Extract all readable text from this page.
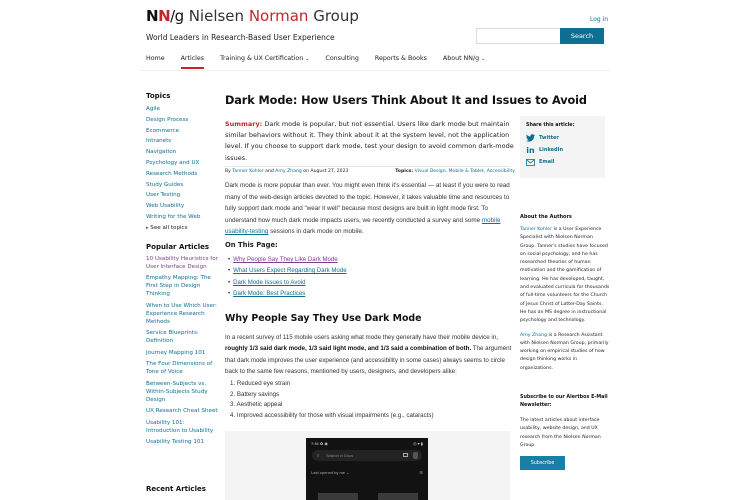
NN/g Nielsen Norman Group
World Leaders in Research-Based User Experience
Log in
Search
Home	Articles	Training & UX Certification ⌄	Consulting	Reports & Books	About NN/g ⌄
Topics
Agile
Design Process
Ecommerce
Intranets
Navigation
Psychology and UX
Research Methods
Study Guides
User Testing
Web Usability
Writing for the Web
▸ See all topics
Popular Articles
10 Usability Heuristics for User Interface Design
Empathy Mapping: The First Step in Design Thinking
When to Use Which User-Experience Research Methods
Service Blueprints: Definition
Journey Mapping 101
The Four Dimensions of Tone of Voice
Between-Subjects vs. Within-Subjects Study Design
UX Research Cheat Sheet
Usability 101: Introduction to Usability
Usability Testing 101
Recent Articles
Dark Mode: How Users Think About It and Issues to Avoid

Summary: Dark mode is popular, but not essential. Users like dark mode but maintain similar behaviors without it. They think about it at the system level, not the application level. If you choose to support dark mode, test your design to avoid common dark-mode issues.

By Tanner Kohler and Amy Zhang on August 27, 2023	Topics: Visual Design, Mobile & Tablet, Accessibility

Dark mode is more popular than ever. You might even think it's essential — at least if you were to read many of the web-design articles devoted to the topic. However, it takes valuable time and resources to fully support dark mode and "wear it well" because most designs are built in light mode first. To understand how much dark mode impacts users, we recently conducted a survey and some mobile usability-testing sessions in dark mode on mobile.

On This Page:
• Why People Say They Like Dark Mode
• What Users Expect Regarding Dark Mode
• Dark Mode Issues to Avoid
• Dark Mode: Best Practices
Why People Say They Use Dark Mode

In a recent survey of 115 mobile users asking what mode they generally have their mobile device in, roughly 1/3 said dark mode, 1/3 said light mode, and 1/3 said a combination of both. The argument that dark mode improves the user experience (and accessibility in some cases) always seems to circle back to the same few reasons, mentioned by users, designers, and developers alike:

1. Reduced eye strain
2. Battery savings
3. Aesthetic appeal
4. Improved accessibility for those with visual impairments (e.g., cataracts)
7:46 ✿ ◉	◎ ▾ ▮
≡ Search in Docs
Last opened by me ⌄	☰
Share this article:
Twitter
in LinkedIn
Email
About the Authors

Tanner Kohler is a User Experience Specialist with Nielsen Norman Group. Tanner's studies have focused on social psychology, and he has researched theories of human motivation and the gamification of learning. He has developed, taught, and evaluated curricula for thousands of full-time volunteers for the Church of Jesus Christ of Latter-Day Saints. He has an MS degree in instructional psychology and technology.

Amy Zhang is a Research Assistant with Nielsen Norman Group, primarily working on empirical studies of how design thinking works in organizations.

Subscribe to our Alertbox E-Mail Newsletter:

The latest articles about interface usability, website design, and UX research from the Nielsen Norman Group.

Subscribe
